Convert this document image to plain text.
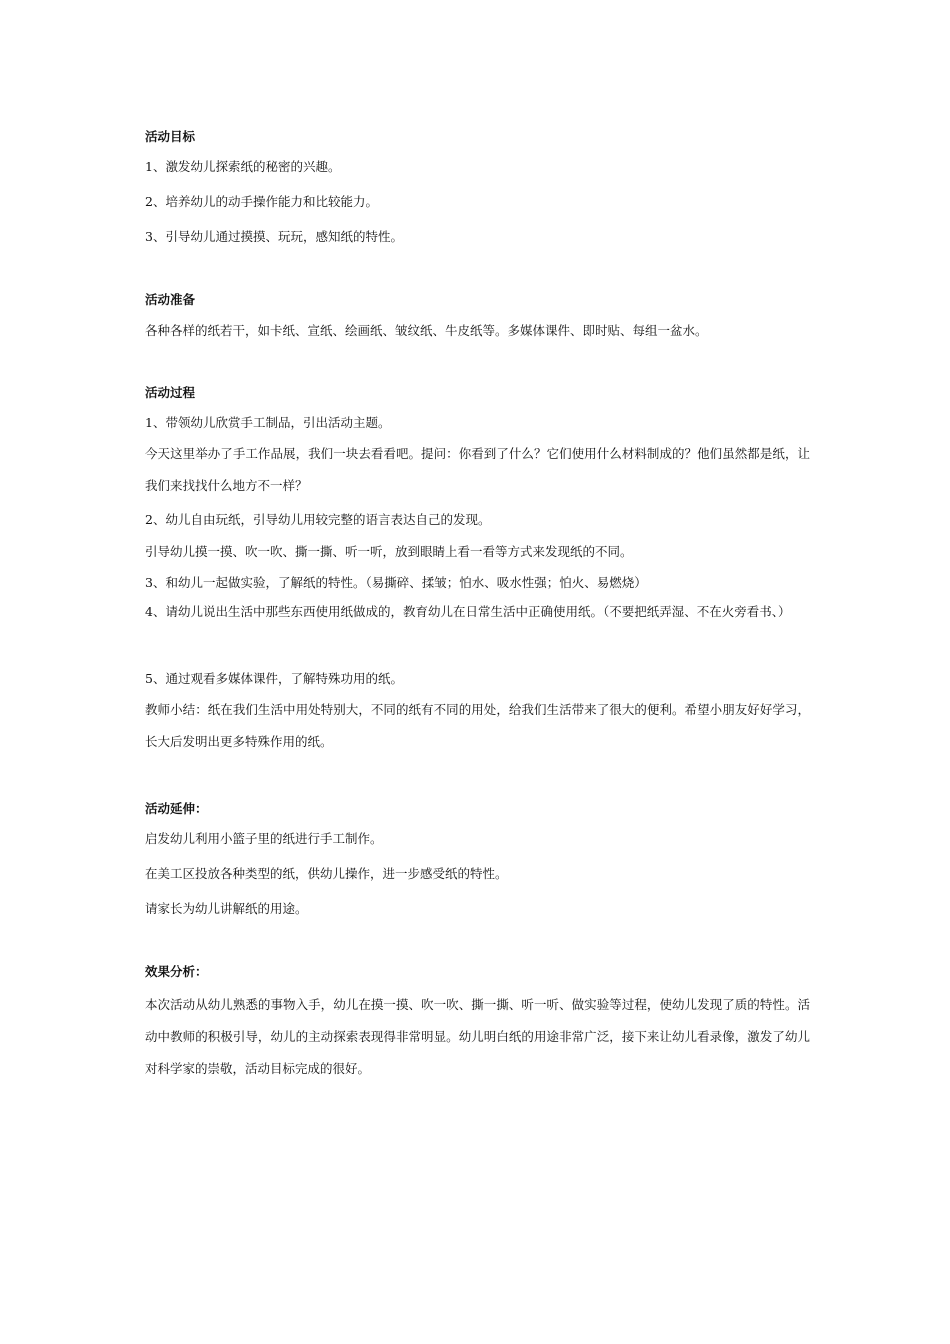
活动目标
1、激发幼儿探索纸的秘密的兴趣。
2、培养幼儿的动手操作能力和比较能力。
3、引导幼儿通过摸摸、玩玩，感知纸的特性。
活动准备
各种各样的纸若干，如卡纸、宣纸、绘画纸、皱纹纸、牛皮纸等。多媒体课件、即时贴、每组一盆水。
活动过程
1、带领幼儿欣赏手工制品，引出活动主题。
今天这里举办了手工作品展，我们一块去看看吧。提问：你看到了什么？它们使用什么材料制成的？他们虽然都是纸，让我们来找找什么地方不一样？
2、幼儿自由玩纸，引导幼儿用较完整的语言表达自己的发现。
引导幼儿摸一摸、吹一吹、撕一撕、听一听，放到眼睛上看一看等方式来发现纸的不同。
3、和幼儿一起做实验，了解纸的特性。（易撕碎、揉皱；怕水、吸水性强；怕火、易燃烧）
4、请幼儿说出生活中那些东西使用纸做成的，教育幼儿在日常生活中正确使用纸。（不要把纸弄湿、不在火旁看书、）
5、通过观看多媒体课件，了解特殊功用的纸。
教师小结：纸在我们生活中用处特别大，不同的纸有不同的用处，给我们生活带来了很大的便利。希望小朋友好好学习，长大后发明出更多特殊作用的纸。
活动延伸：
启发幼儿利用小篮子里的纸进行手工制作。
在美工区投放各种类型的纸，供幼儿操作，进一步感受纸的特性。
请家长为幼儿讲解纸的用途。
效果分析：
本次活动从幼儿熟悉的事物入手，幼儿在摸一摸、吹一吹、撕一撕、听一听、做实验等过程，使幼儿发现了质的特性。活动中教师的积极引导，幼儿的主动探索表现得非常明显。幼儿明白纸的用途非常广泛，接下来让幼儿看录像，激发了幼儿对科学家的崇敬，活动目标完成的很好。
